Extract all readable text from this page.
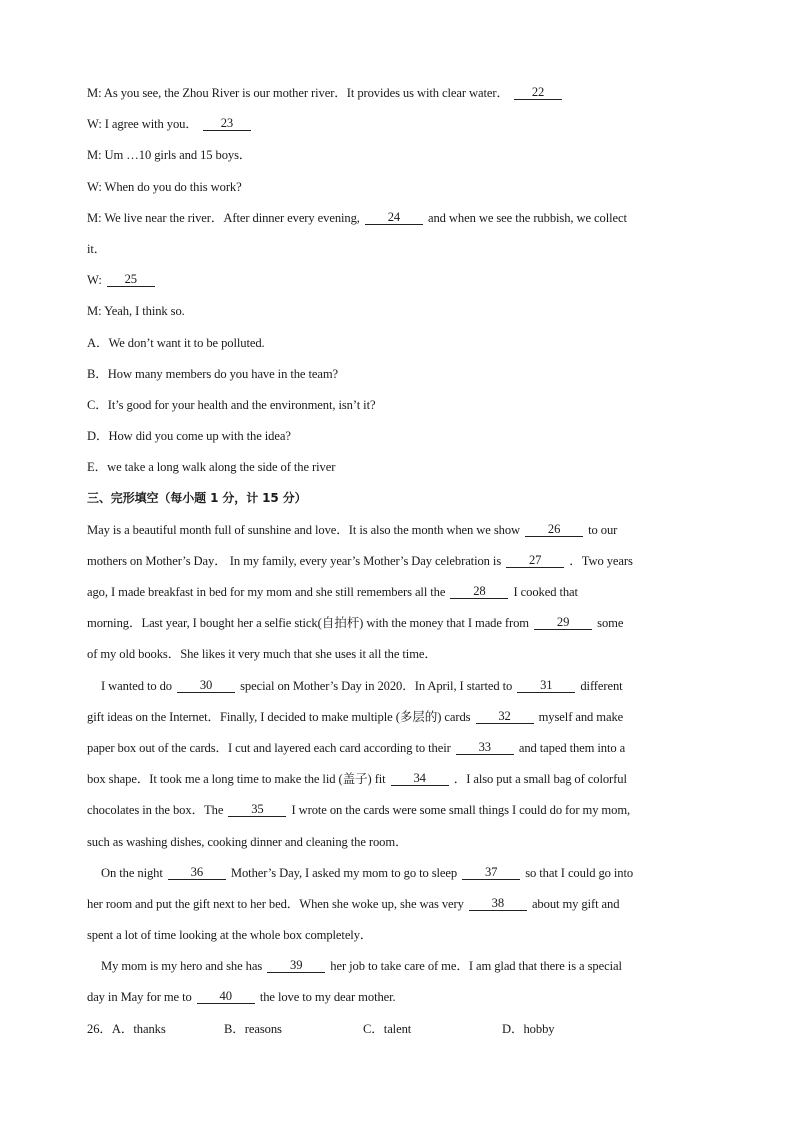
M: As you see, the Zhou River is our mother river．It provides us with clear water． 22
W: I agree with you． 23
M: Um …10 girls and 15 boys．
W: When do you do this work?
M: We live near the river．After dinner every evening, 24 and when we see the rubbish, we collect
it．
W: 25
M: Yeah, I think so.
A．We don’t want it to be polluted.
B．How many members do you have in the team?
C．It’s good for your health and the environment, isn’t it?
D．How did you come up with the idea?
E．we take a long walk along the side of the river
三、完形填空（每小题 1 分，计 15 分）
May is a beautiful month full of sunshine and love．It is also the month when we show 26 to our
mothers on Mother’s Day． In my family, every year’s Mother’s Day celebration is 27 ．Two years
ago, I made breakfast in bed for my mom and she still remembers all the 28 I cooked that
morning．Last year, I bought her a selfie stick(自拍杆) with the money that I made from 29 some
of my old books．She likes it very much that she uses it all the time．
I wanted to do 30 special on Mother’s Day in 2020．In April, I started to 31 different
gift ideas on the Internet．Finally, I decided to make multiple (多层的) cards 32 myself and make
paper box out of the cards．I cut and layered each card according to their 33 and taped them into a
box shape．It took me a long time to make the lid (盖子) fit 34 ．I also put a small bag of colorful
chocolates in the box．The 35 I wrote on the cards were some small things I could do for my mom,
such as washing dishes, cooking dinner and cleaning the room．
On the night 36 Mother’s Day, I asked my mom to go to sleep 37 so that I could go into
her room and put the gift next to her bed．When she woke up, she was very 38 about my gift and
spent a lot of time looking at the whole box completely．
My mom is my hero and she has 39 her job to take care of me．I am glad that there is a special
day in May for me to 40 the love to my dear mother.
26．A．thanks	B．reasons	C．talent	D．hobby
